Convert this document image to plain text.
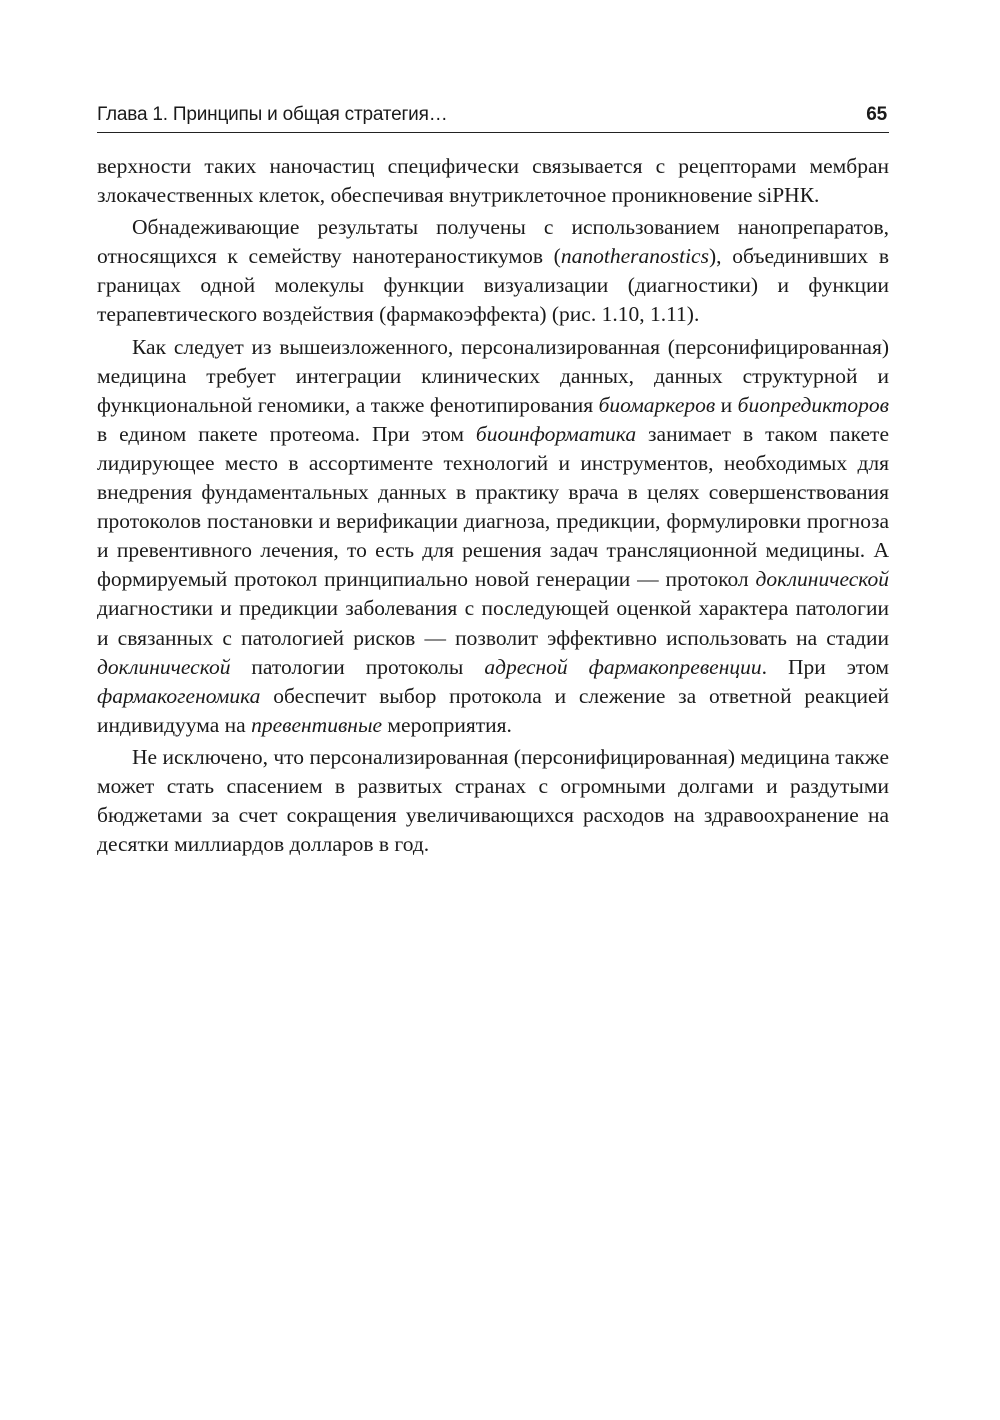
Глава 1. Принципы и общая стратегия…	65

верхности таких наночастиц специфически связывается с рецепторами мембран злокачественных клеток, обеспечивая внутриклеточное проникновение siРНК.

Обнадеживающие результаты получены с использованием нанопрепаратов, относящихся к семейству нанотераностикумов (nanotheranostics), объединивших в границах одной молекулы функции визуализации (диагностики) и функции терапевтического воздействия (фармакоэффекта) (рис. 1.10, 1.11).

Как следует из вышеизложенного, персонализированная (персонифицированная) медицина требует интеграции клинических данных, данных структурной и функциональной геномики, а также фенотипирования биомаркеров и биопредикторов в едином пакете протеома. При этом биоинформатика занимает в таком пакете лидирующее место в ассортименте технологий и инструментов, необходимых для внедрения фундаментальных данных в практику врача в целях совершенствования протоколов постановки и верификации диагноза, предикции, формулировки прогноза и превентивного лечения, то есть для решения задач трансляционной медицины. А формируемый протокол принципиально новой генерации — протокол доклинической диагностики и предикции заболевания с последующей оценкой характера патологии и связанных с патологией рисков — позволит эффективно использовать на стадии доклинической патологии протоколы адресной фармакопревенции. При этом фармакогеномика обеспечит выбор протокола и слежение за ответной реакцией индивидуума на превентивные мероприятия.

Не исключено, что персонализированная (персонифицированная) медицина также может стать спасением в развитых странах с огромными долгами и раздутыми бюджетами за счет сокращения увеличивающихся расходов на здравоохранение на десятки миллиардов долларов в год.
